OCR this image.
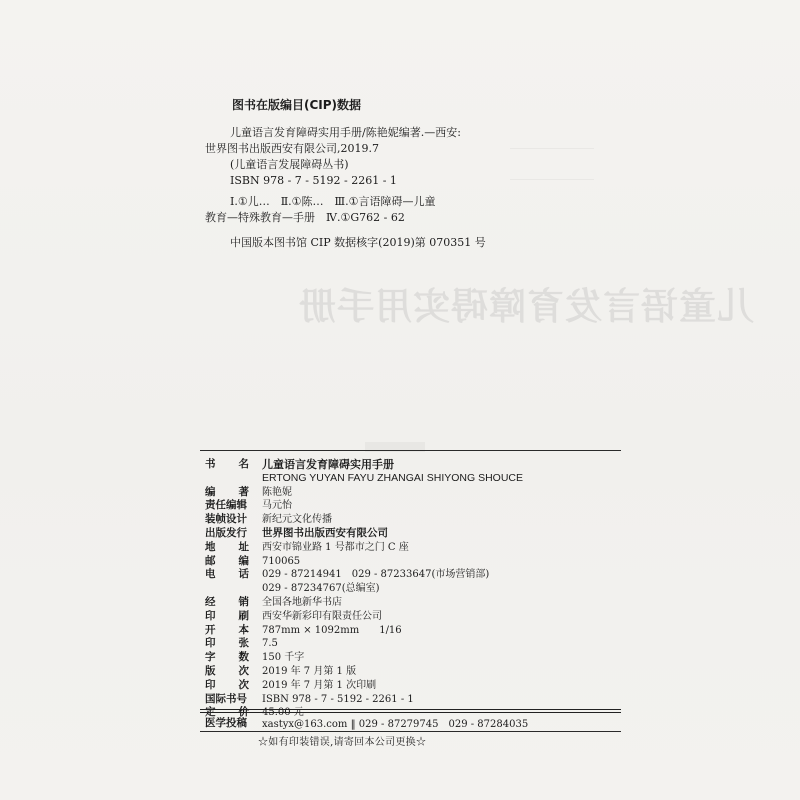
儿童语言发育障碍实用手册
图书在版编目(CIP)数据
儿童语言发育障碍实用手册/陈艳妮编著.—西安:
世界图书出版西安有限公司,2019.7
(儿童语言发展障碍丛书)
ISBN 978 - 7 - 5192 - 2261 - 1
Ⅰ.①儿…　Ⅱ.①陈…　Ⅲ.①言语障碍—儿童
教育—特殊教育—手册　Ⅳ.①G762 - 62
中国版本图书馆 CIP 数据核字(2019)第 070351 号
书 名 儿童语言发育障碍实用手册
ERTONG YUYAN FAYU ZHANGAI SHIYONG SHOUCE
编 著 陈艳妮
责任编辑	马元怡
装帧设计	新纪元文化传播
出版发行	世界图书出版西安有限公司
地 址 西安市锦业路 1 号都市之门 C 座
邮 编 710065
电 话 029 - 87214941　029 - 87233647(市场营销部)
029 - 87234767(总编室)
经 销 全国各地新华书店
印 刷 西安华新彩印有限责任公司
开 本 787mm × 1092mm　　1/16
印 张 7.5
字 数 150 千字
版 次 2019 年 7 月第 1 版
印 次 2019 年 7 月第 1 次印刷
国际书号	ISBN 978 - 7 - 5192 - 2261 - 1
定 价 45.00 元
医学投稿 xastyx@163.com ‖ 029 - 87279745　029 - 87284035
☆如有印装错误,请寄回本公司更换☆
